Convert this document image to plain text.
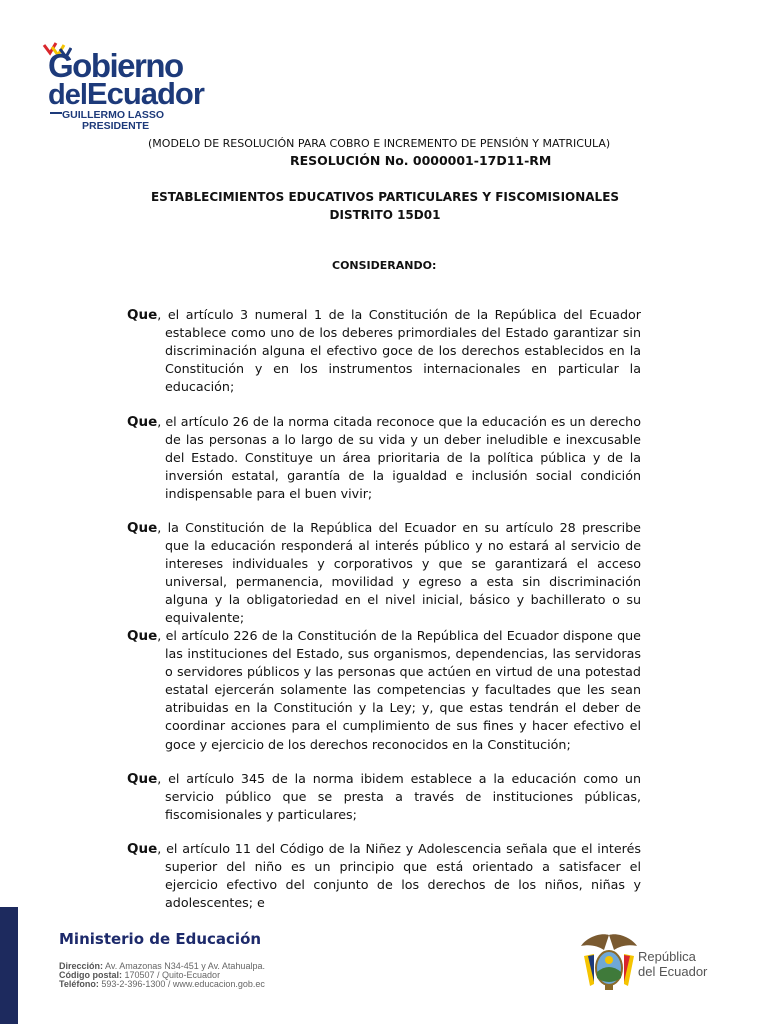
Gobierno
delEcuador
GUILLERMO LASSO
PRESIDENTE
(MODELO DE RESOLUCIÓN PARA COBRO E INCREMENTO DE PENSIÓN Y MATRICULA)
RESOLUCIÓN No. 0000001-17D11-RM
ESTABLECIMIENTOS EDUCATIVOS PARTICULARES Y FISCOMISIONALES
DISTRITO 15D01
CONSIDERANDO:
Que, el artículo 3 numeral 1 de la Constitución de la República del Ecuador establece como uno de los deberes primordiales del Estado garantizar sin discriminación alguna el efectivo goce de los derechos establecidos en la Constitución y en los instrumentos internacionales en particular la educación;
Que, el artículo 26 de la norma citada reconoce que la educación es un derecho de las personas a lo largo de su vida y un deber ineludible e inexcusable del Estado. Constituye un área prioritaria de la política pública y de la inversión estatal, garantía de la igualdad e inclusión social condición indispensable para el buen vivir;
Que, la Constitución de la República del Ecuador en su artículo 28 prescribe que la educación responderá al interés público y no estará al servicio de intereses individuales y corporativos y que se garantizará el acceso universal, permanencia, movilidad y egreso a esta sin discriminación alguna y la obligatoriedad en el nivel inicial, básico y bachillerato o su equivalente;
Que, el artículo 226 de la Constitución de la República del Ecuador dispone que las instituciones del Estado, sus organismos, dependencias, las servidoras o servidores públicos y las personas que actúen en virtud de una potestad estatal ejercerán solamente las competencias y facultades que les sean atribuidas en la Constitución y la Ley; y, que estas tendrán el deber de coordinar acciones para el cumplimiento de sus fines y hacer efectivo el goce y ejercicio de los derechos reconocidos en la Constitución;
Que, el artículo 345 de la norma ibidem establece a la educación como un servicio público que se presta a través de instituciones públicas, fiscomisionales y particulares;
Que, el artículo 11 del Código de la Niñez y Adolescencia señala que el interés superior del niño es un principio que está orientado a satisfacer el ejercicio efectivo del conjunto de los derechos de los niños, niñas y adolescentes; e
Ministerio de Educación
Dirección: Av. Amazonas N34-451 y Av. Atahualpa.
Código postal: 170507 / Quito-Ecuador
Teléfono: 593-2-396-1300 / www.educacion.gob.ec
República
del Ecuador
